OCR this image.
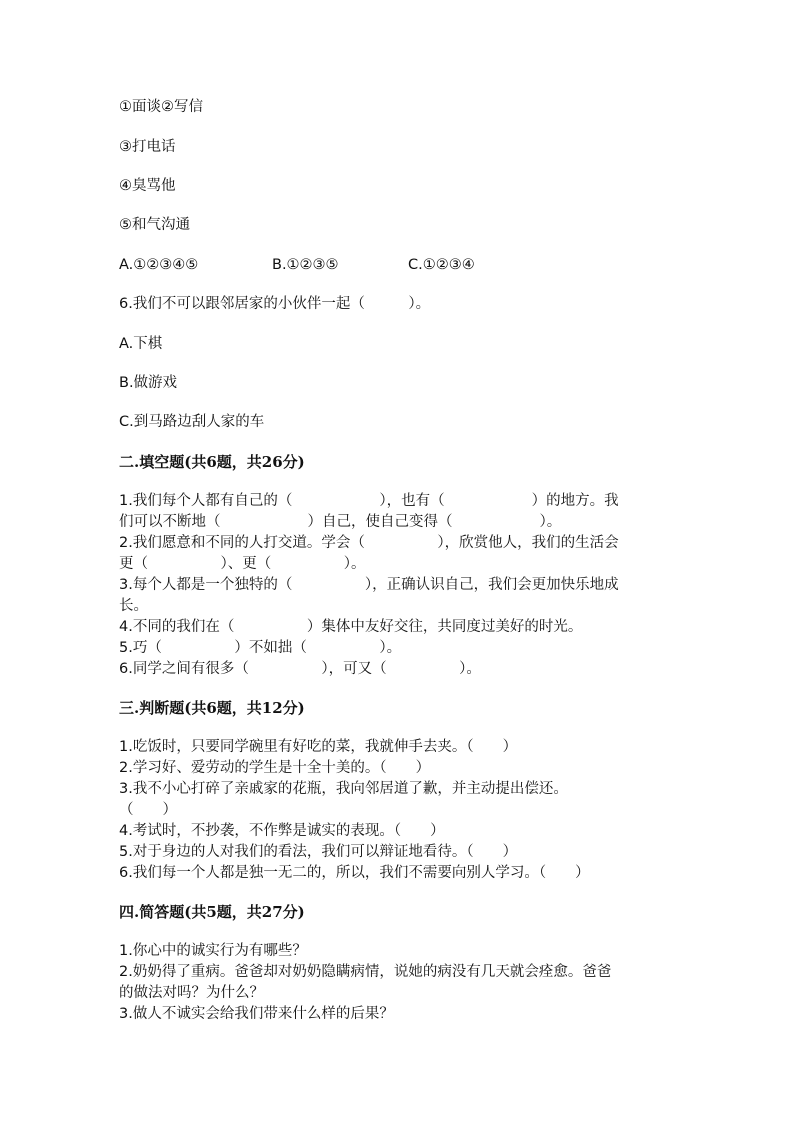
①面谈②写信
③打电话
④臭骂他
⑤和气沟通
A.①②③④⑤	B.①②③⑤	C.①②③④
6.我们不可以跟邻居家的小伙伴一起（　　　）。
A.下棋
B.做游戏
C.到马路边刮人家的车
二.填空题(共6题，共26分)
1.我们每个人都有自己的（　　　　　　），也有（　　　　　　）的地方。我
们可以不断地（　　　　　　）自己，使自己变得（　　　　　　）。
2.我们愿意和不同的人打交道。学会（　　　　　），欣赏他人，我们的生活会
更（　　　　　）、更（　　　　　）。
3.每个人都是一个独特的（　　　　　），正确认识自己，我们会更加快乐地成
长。
4.不同的我们在（　　　　　）集体中友好交往，共同度过美好的时光。
5.巧（　　　　　）不如拙（　　　　　）。
6.同学之间有很多（　　　　　），可又（　　　　　）。
三.判断题(共6题，共12分)
1.吃饭时，只要同学碗里有好吃的菜，我就伸手去夹。（　　）
2.学习好、爱劳动的学生是十全十美的。（　　）
3.我不小心打碎了亲戚家的花瓶，我向邻居道了歉，并主动提出偿还。
（　　）
4.考试时，不抄袭，不作弊是诚实的表现。（　　）
5.对于身边的人对我们的看法，我们可以辩证地看待。（　　）
6.我们每一个人都是独一无二的，所以，我们不需要向别人学习。（　　）
四.简答题(共5题，共27分)
1.你心中的诚实行为有哪些？
2.奶奶得了重病。爸爸却对奶奶隐瞒病情，说她的病没有几天就会痊愈。爸爸
的做法对吗？为什么？
3.做人不诚实会给我们带来什么样的后果？
